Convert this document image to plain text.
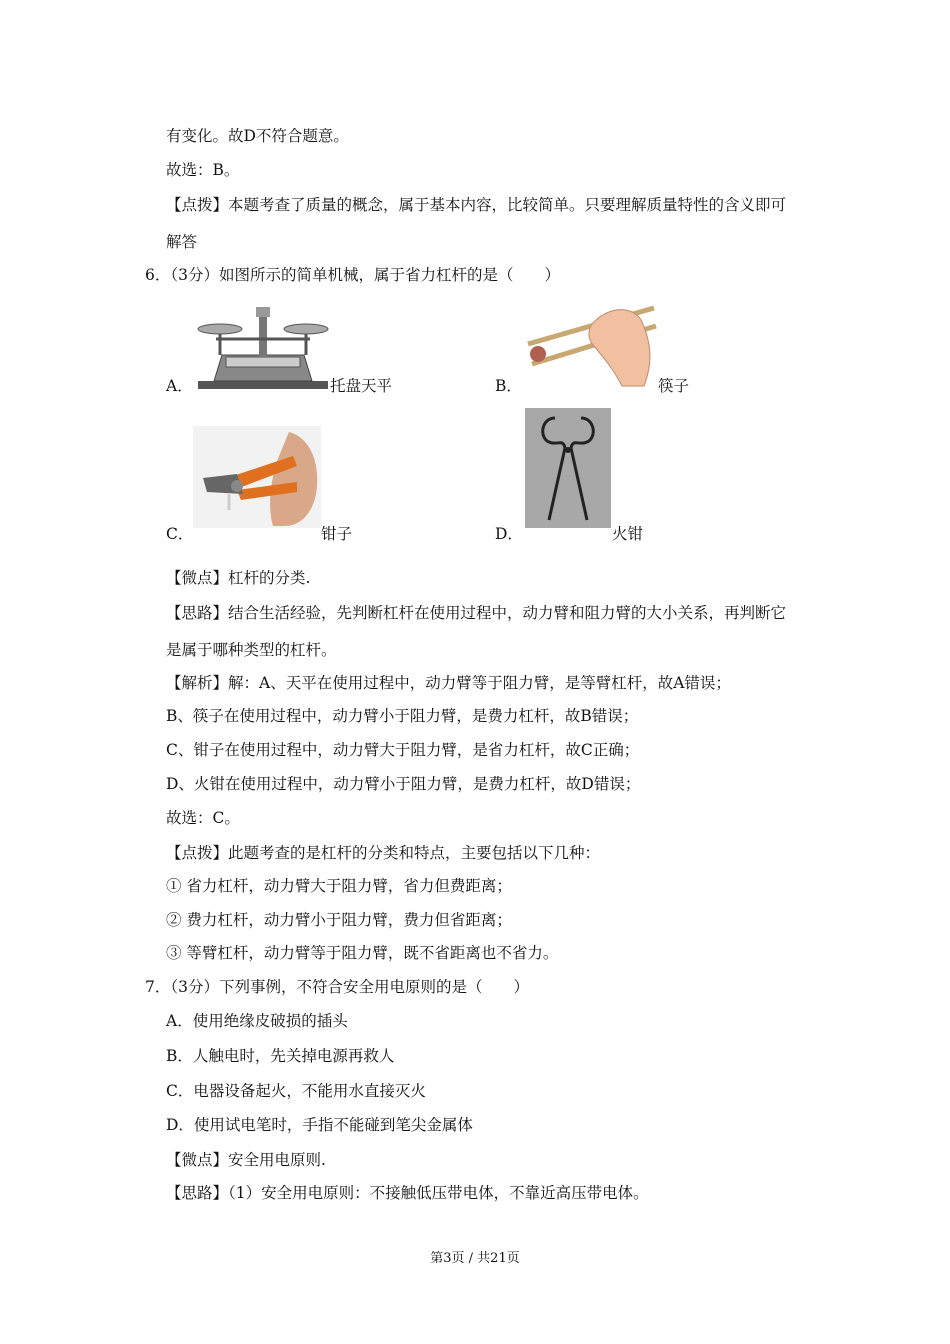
有变化。故D不符合题意。
故选：B。
【点拨】本题考查了质量的概念，属于基本内容，比较简单。只要理解质量特性的含义即可
解答
6．（3分）如图所示的简单机械，属于省力杠杆的是（　　）
A．	托盘天平	B．	筷子
C．	钳子	D．	火钳
【微点】杠杆的分类.
【思路】结合生活经验，先判断杠杆在使用过程中，动力臂和阻力臂的大小关系，再判断它
是属于哪种类型的杠杆。
【解析】解：A、天平在使用过程中，动力臂等于阻力臂，是等臂杠杆，故A错误；
B、筷子在使用过程中，动力臂小于阻力臂，是费力杠杆，故B错误；
C、钳子在使用过程中，动力臂大于阻力臂，是省力杠杆，故C正确；
D、火钳在使用过程中，动力臂小于阻力臂，是费力杠杆，故D错误；
故选：C。
【点拨】此题考查的是杠杆的分类和特点，主要包括以下几种：
① 省力杠杆，动力臂大于阻力臂，省力但费距离；
② 费力杠杆，动力臂小于阻力臂，费力但省距离；
③ 等臂杠杆，动力臂等于阻力臂，既不省距离也不省力。
7．（3分）下列事例，不符合安全用电原则的是（　　）
A．使用绝缘皮破损的插头
B．人触电时，先关掉电源再救人
C．电器设备起火，不能用水直接灭火
D．使用试电笔时，手指不能碰到笔尖金属体
【微点】安全用电原则.
【思路】（1）安全用电原则：不接触低压带电体，不靠近高压带电体。
第3页 / 共21页
